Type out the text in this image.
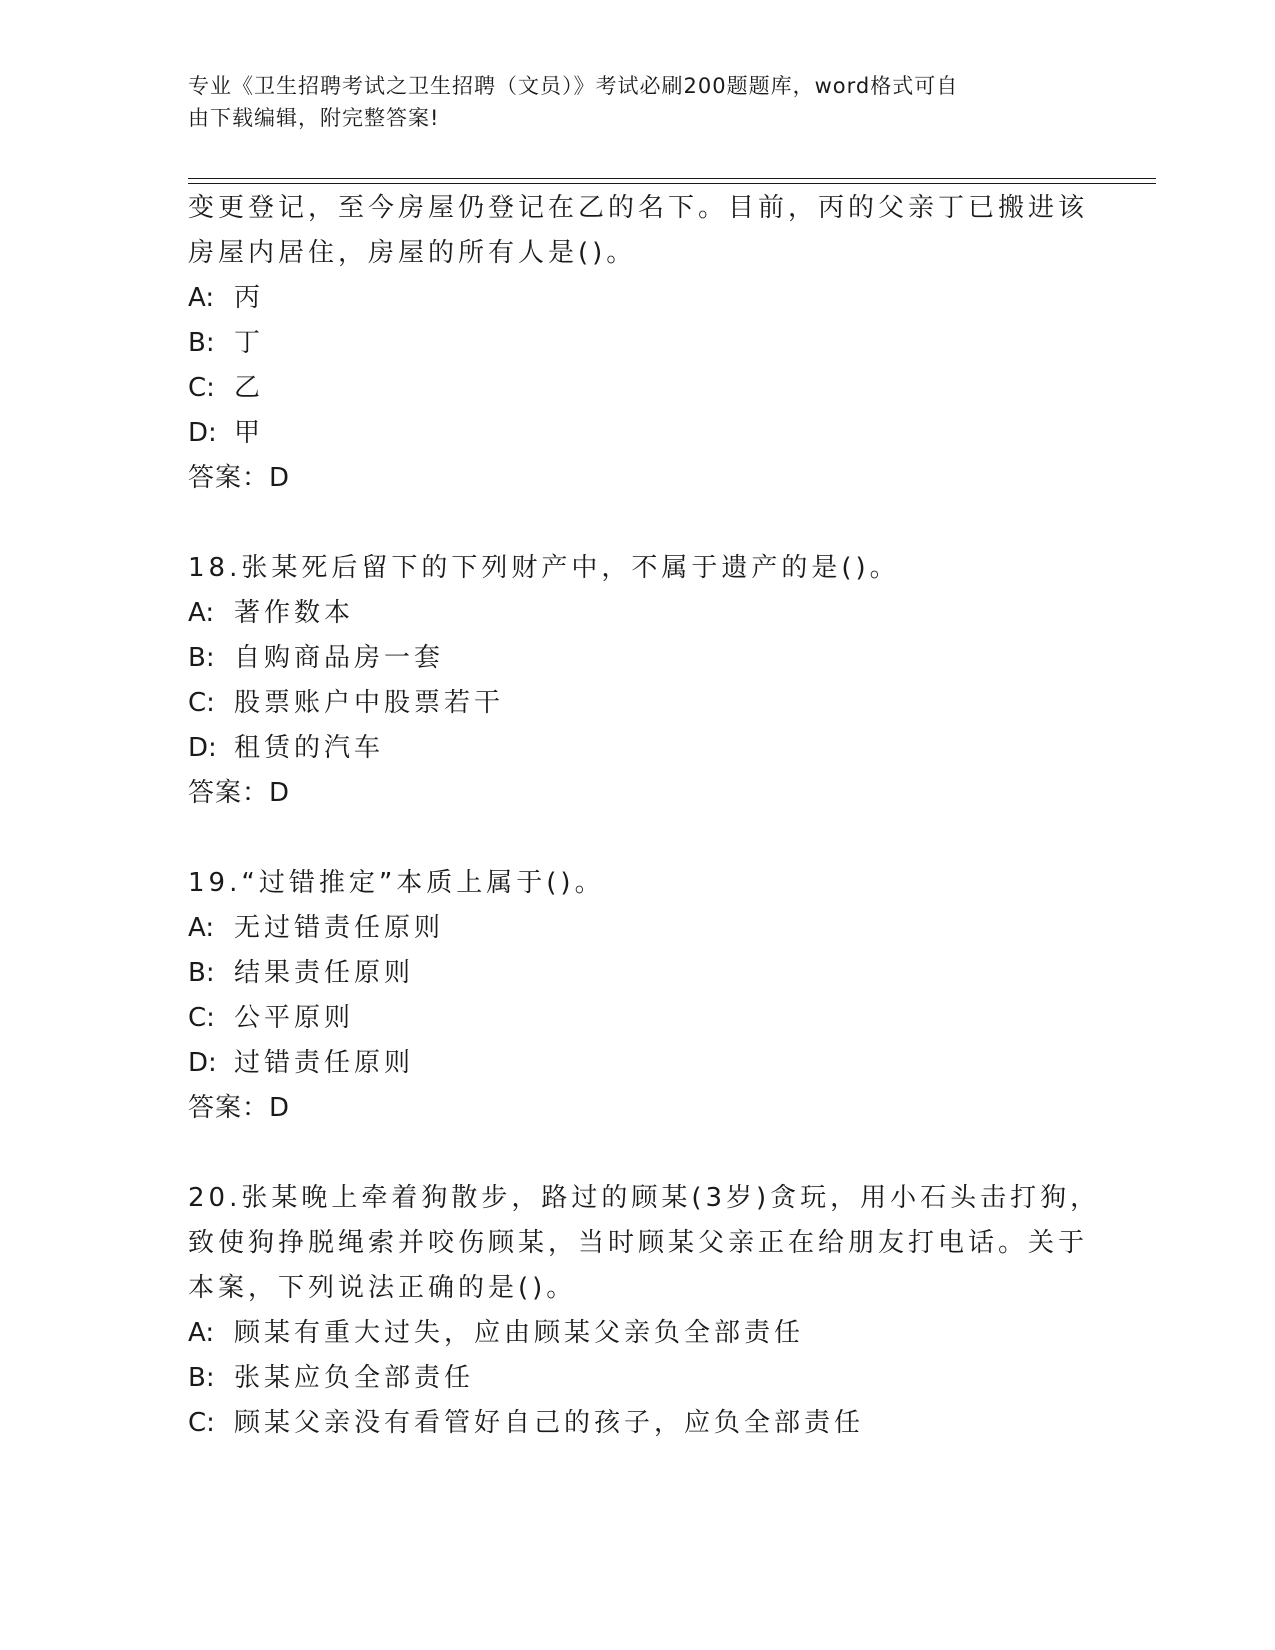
专业《卫生招聘考试之卫生招聘（文员）》考试必刷200题题库，word格式可自
由下载编辑，附完整答案!
变更登记，至今房屋仍登记在乙的名下。目前，丙的父亲丁已搬进该
房屋内居住，房屋的所有人是()。
A: 丙
B: 丁
C: 乙
D: 甲
答案：D
18.张某死后留下的下列财产中，不属于遗产的是()。
A: 著作数本
B: 自购商品房一套
C: 股票账户中股票若干
D: 租赁的汽车
答案：D
19.“过错推定”本质上属于()。
A: 无过错责任原则
B: 结果责任原则
C: 公平原则
D: 过错责任原则
答案：D
20.张某晚上牵着狗散步，路过的顾某(3岁)贪玩，用小石头击打狗，
致使狗挣脱绳索并咬伤顾某，当时顾某父亲正在给朋友打电话。关于
本案，下列说法正确的是()。
A: 顾某有重大过失，应由顾某父亲负全部责任
B: 张某应负全部责任
C: 顾某父亲没有看管好自己的孩子，应负全部责任
